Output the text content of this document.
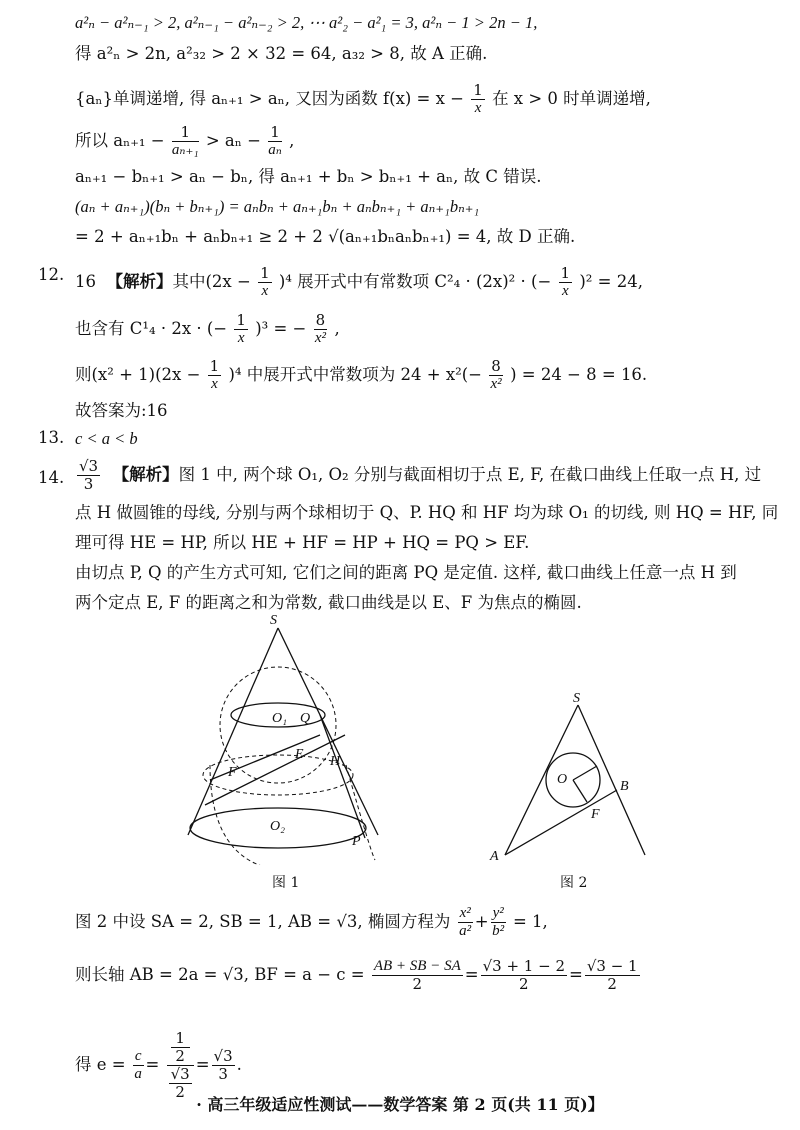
a²ₙ − a²ₙ₋₁ > 2, a²ₙ₋₁ − a²ₙ₋₂ > 2, ⋯ a²₂ − a²₁ = 3, a²ₙ − 1 > 2n − 1,
得 a²ₙ > 2n, a²₃₂ > 2 × 32 = 64, a₃₂ > 8, 故 A 正确.
{aₙ}单调递增, 得 aₙ₊₁ > aₙ, 又因为函数 $f(x) = x - \frac{1}{x}$ 在 x > 0 时单调递增,
所以 $a_{n+1} - \frac{1}{\text{aₙ₊₁}} > a_n - \frac{1}{\text{aₙ}}$ ,
aₙ₊₁ − bₙ₊₁ > aₙ − bₙ, 得 aₙ₊₁ + bₙ > bₙ₊₁ + aₙ, 故 C 错误.
(aₙ + aₙ₊₁)(bₙ + bₙ₊₁) = aₙbₙ + aₙ₊₁bₙ + aₙbₙ₊₁ + aₙ₊₁bₙ₊₁
= 2 + aₙ₊₁bₙ + aₙbₙ₊₁ ≥ 2 + 2 √(aₙ₊₁bₙaₙbₙ₊₁) = 4, 故 D 正确.
12. 16 【解析】其中$(2x - \frac{1}{x} )^4$ 展开式中有常数项 C²₄ · (2x)² · (− $\frac{1}{x} )^2 = 24$,
也含有 C¹₄ · 2x · (− $\frac{1}{x} )^3$ = − $\frac{8}{\text{x²}}$ ,
则$(x^2 + 1)(2x - \frac{1}{x} )^4$ 中展开式中常数项为 $24 + x^2(- \frac{8}{\text{x²}}$ ) = 24 − 8 = 16.
故答案为:16
13. c < a < b
14. $\frac{√3}{3}$ 【解析】图 1 中, 两个球 O₁, O₂ 分别与截面相切于点 E, F, 在截口曲线上任取一点 H, 过
点 H 做圆锥的母线, 分别与两个球相切于 Q、P. HQ 和 HF 均为球 O₁ 的切线, 则 HQ = HF, 同
理可得 HE = HP, 所以 HE + HF = HP + HQ = PQ > EF.
由切点 P, Q 的产生方式可知, 它们之间的距离 PQ 是定值. 这样, 截口曲线上任意一点 H 到
两个定点 E, F 的距离之和为常数, 截口曲线是以 E、F 为焦点的椭圆.
S
O₁ Q
E
F
H
O₂
P
图 1
S
O	B
F
A
图 2
图 2 中设 SA = 2, SB = 1, AB = √3, 椭圆方程为 $\frac{\text{x²}}{\text{a²}} + \frac{\text{y²}}{\text{b²}} = 1$,
则长轴 AB = 2a = √3, BF = $a - c = \frac{AB + SB - SA}{2} = \frac{√3 + 1 - 2}{2} = \frac{√3 - 1}{2}$
得 $e = \frac{c}{a} = 1$
2
√3
$2 = \frac{√3}{3}$ .
· 高三年级适应性测试——数学答案 第 2 页(共 11 页)】
